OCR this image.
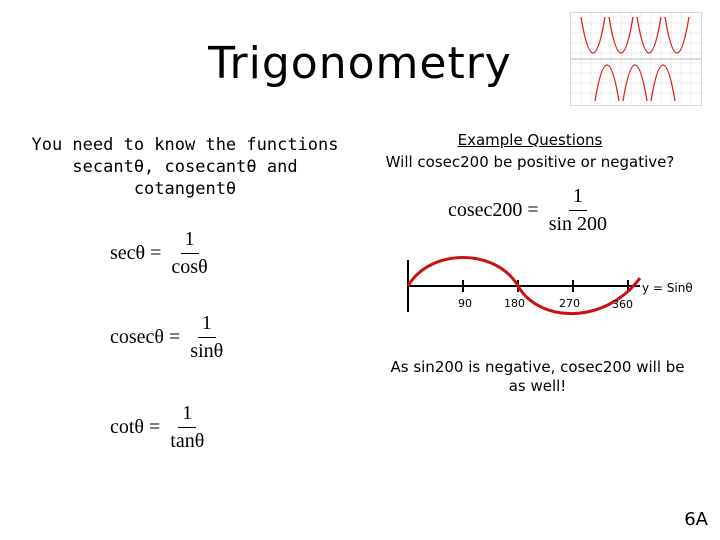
Trigonometry
You need to know the functions secantθ, cosecantθ and cotangentθ
$\sec\theta = \frac{1}{\cos\theta}$
$cosec\theta = \frac{1}{\sin\theta}$
$\cot\theta = \frac{1}{\tan\theta}$
Example Questions
Will cosec200 be positive or negative?
$cosec200 = \frac{1}{\sin 200}$
90	180	270	360
y = Sinθ
As sin200 is negative, cosec200 will be as well!
6A
